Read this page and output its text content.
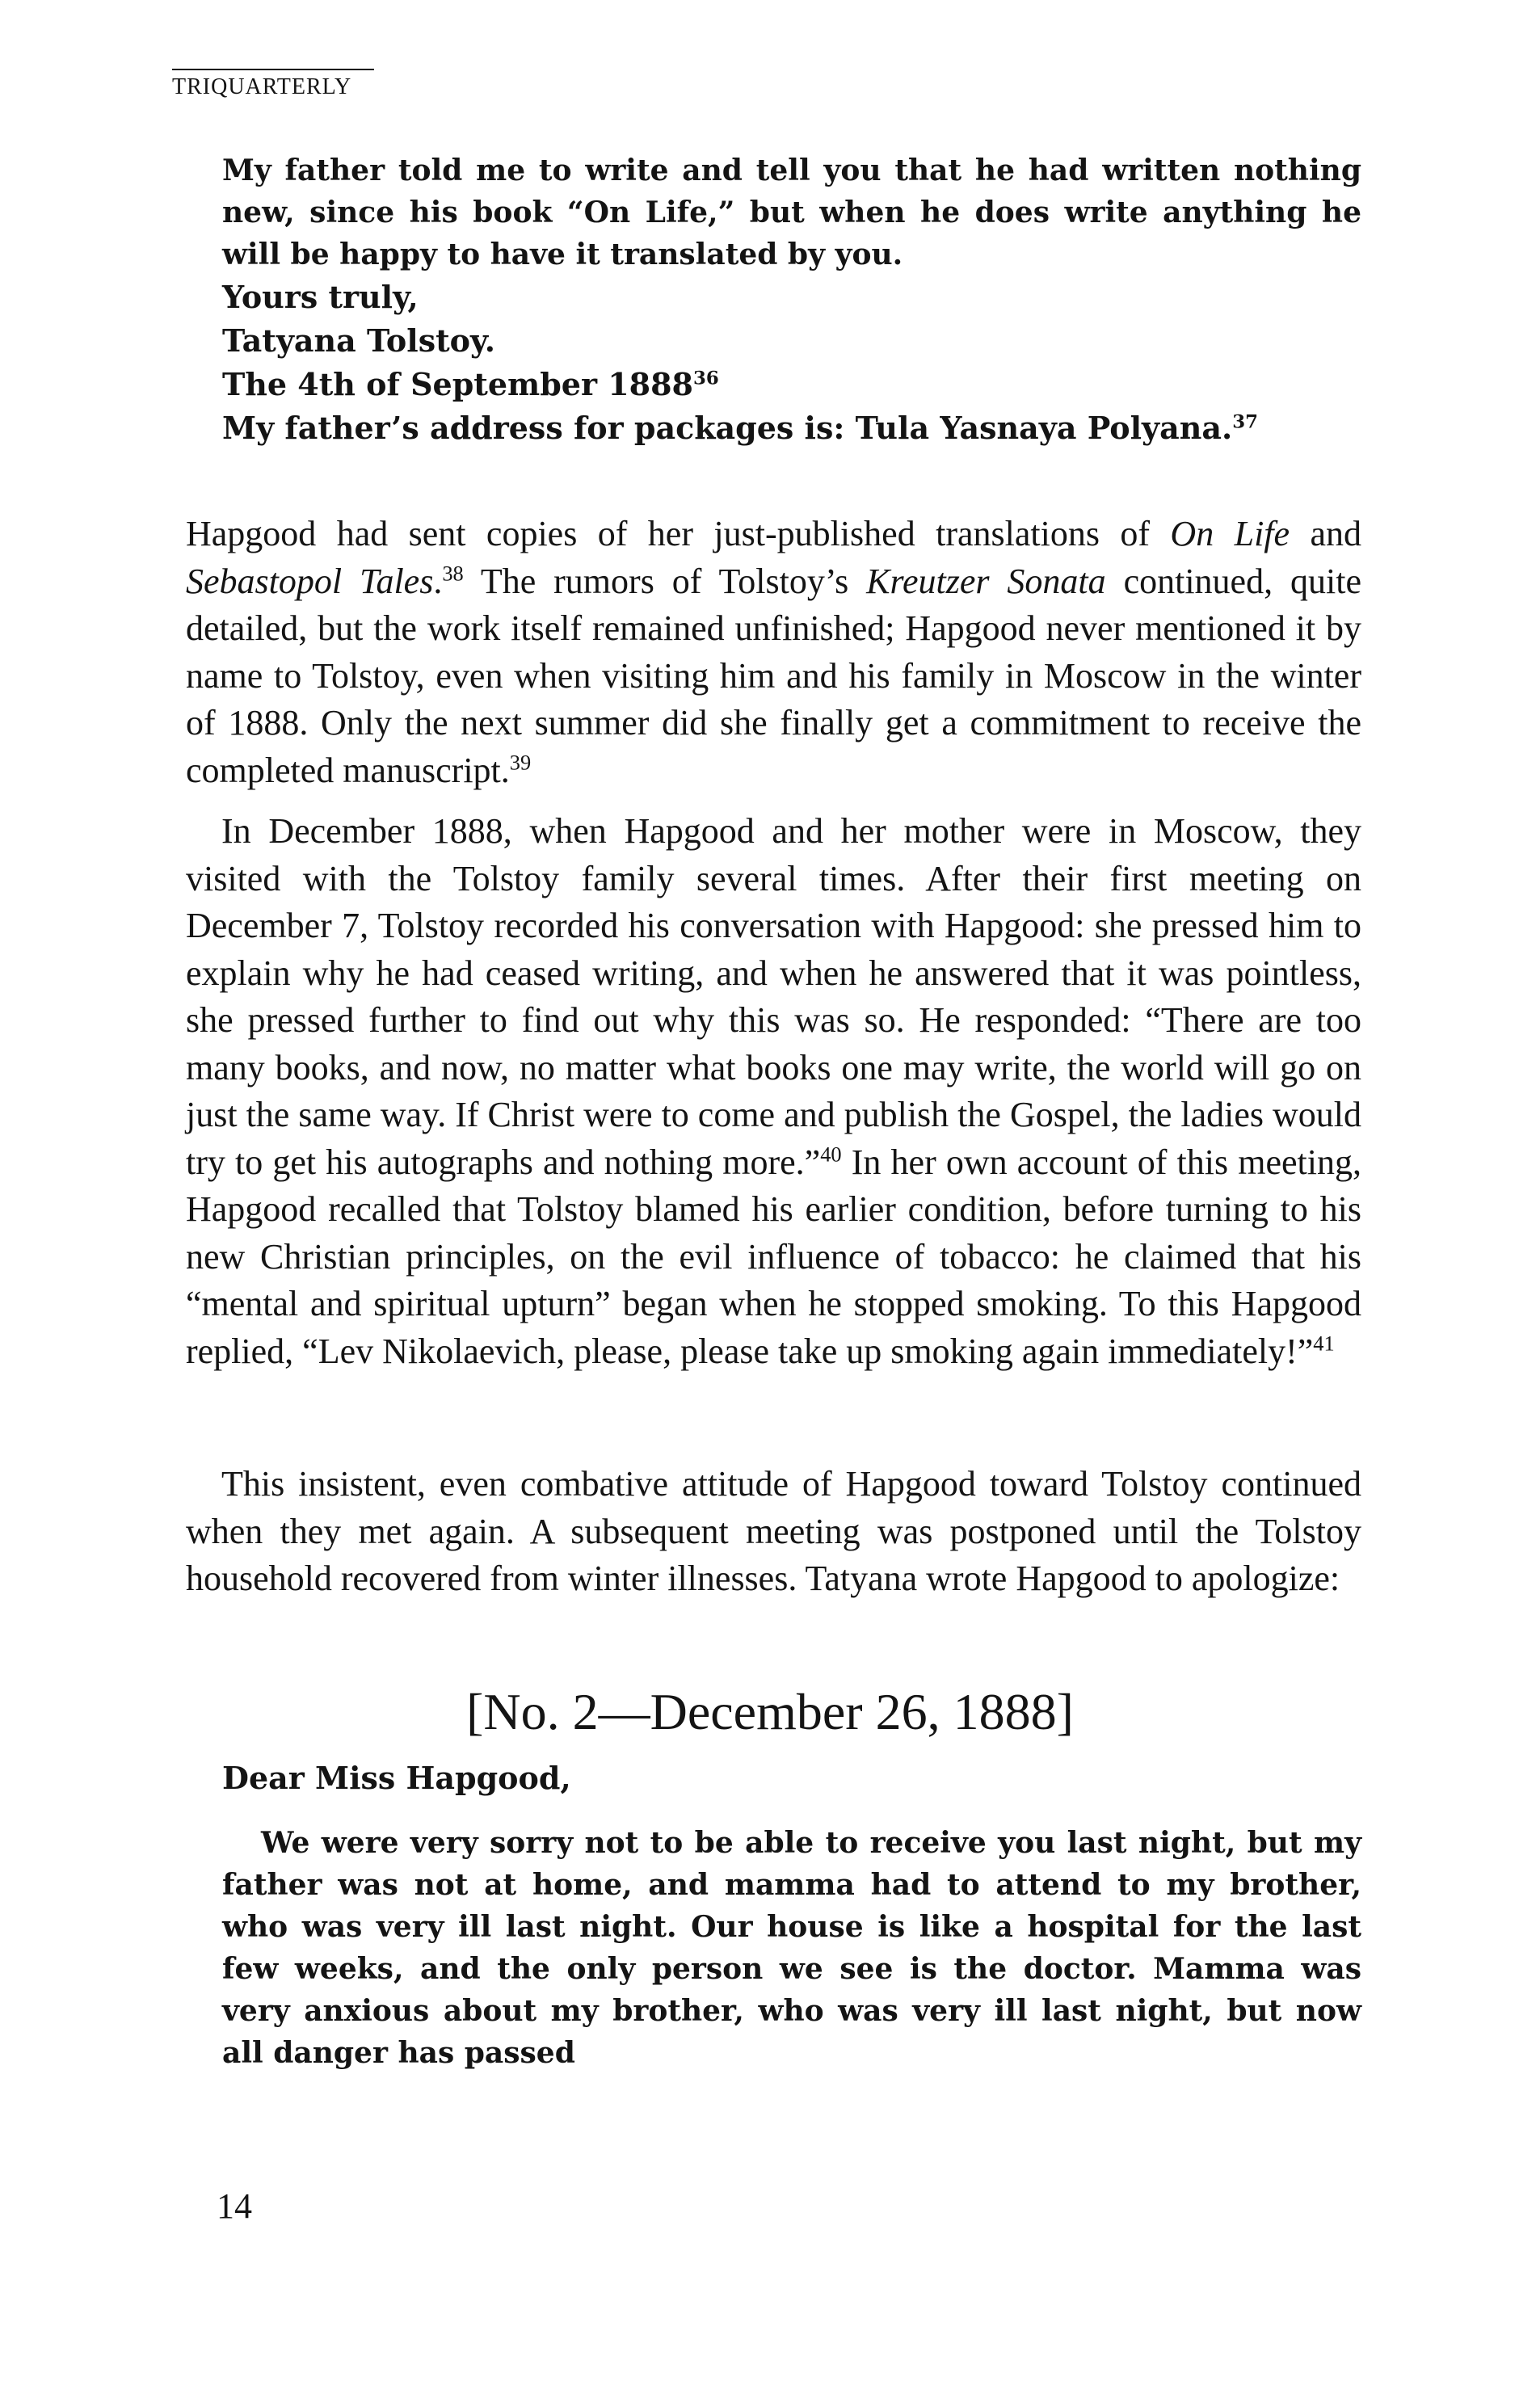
TRIQUARTERLY

My father told me to write and tell you that he had written nothing new, since his book “On Life,” but when he does write anything he will be happy to have it translated by you.

Yours truly,

Tatyana Tolstoy.

The 4th of September 1888$^{36}$

My father’s address for packages is: Tula Yasnaya Polyana.$^{37}$

Hapgood had sent copies of her just-published translations of On Life and Sebastopol Tales.$^{38}$ The rumors of Tolstoy’s Kreutzer Sonata continued, quite detailed, but the work itself remained unfinished; Hapgood never mentioned it by name to Tolstoy, even when visiting him and his family in Moscow in the winter of 1888. Only the next summer did she finally get a commitment to receive the completed manuscript.$^{39}$

In December 1888, when Hapgood and her mother were in Moscow, they visited with the Tolstoy family several times. After their first meeting on December 7, Tolstoy recorded his conversation with Hapgood: she pressed him to explain why he had ceased writing, and when he answered that it was pointless, she pressed further to find out why this was so. He responded: “There are too many books, and now, no matter what books one may write, the world will go on just the same way. If Christ were to come and publish the Gospel, the ladies would try to get his autographs and nothing more.”$^{40}$ In her own account of this meeting, Hapgood recalled that Tolstoy blamed his earlier condition, before turning to his new Christian principles, on the evil influence of tobacco: he claimed that his “mental and spiritual upturn” began when he stopped smoking. To this Hapgood replied, “Lev Nikolaevich, please, please take up smoking again immediately!”$^{41}$

This insistent, even combative attitude of Hapgood toward Tolstoy continued when they met again. A subsequent meeting was postponed until the Tolstoy household recovered from winter illnesses. Tatyana wrote Hapgood to apologize:

[No. 2—December 26, 1888]
Dear Miss Hapgood,

We were very sorry not to be able to receive you last night, but my father was not at home, and mamma had to attend to my brother, who was very ill last night. Our house is like a hospital for the last few weeks, and the only person we see is the doctor. Mamma was very anxious about my brother, who was very ill last night, but now all danger has passed

14
